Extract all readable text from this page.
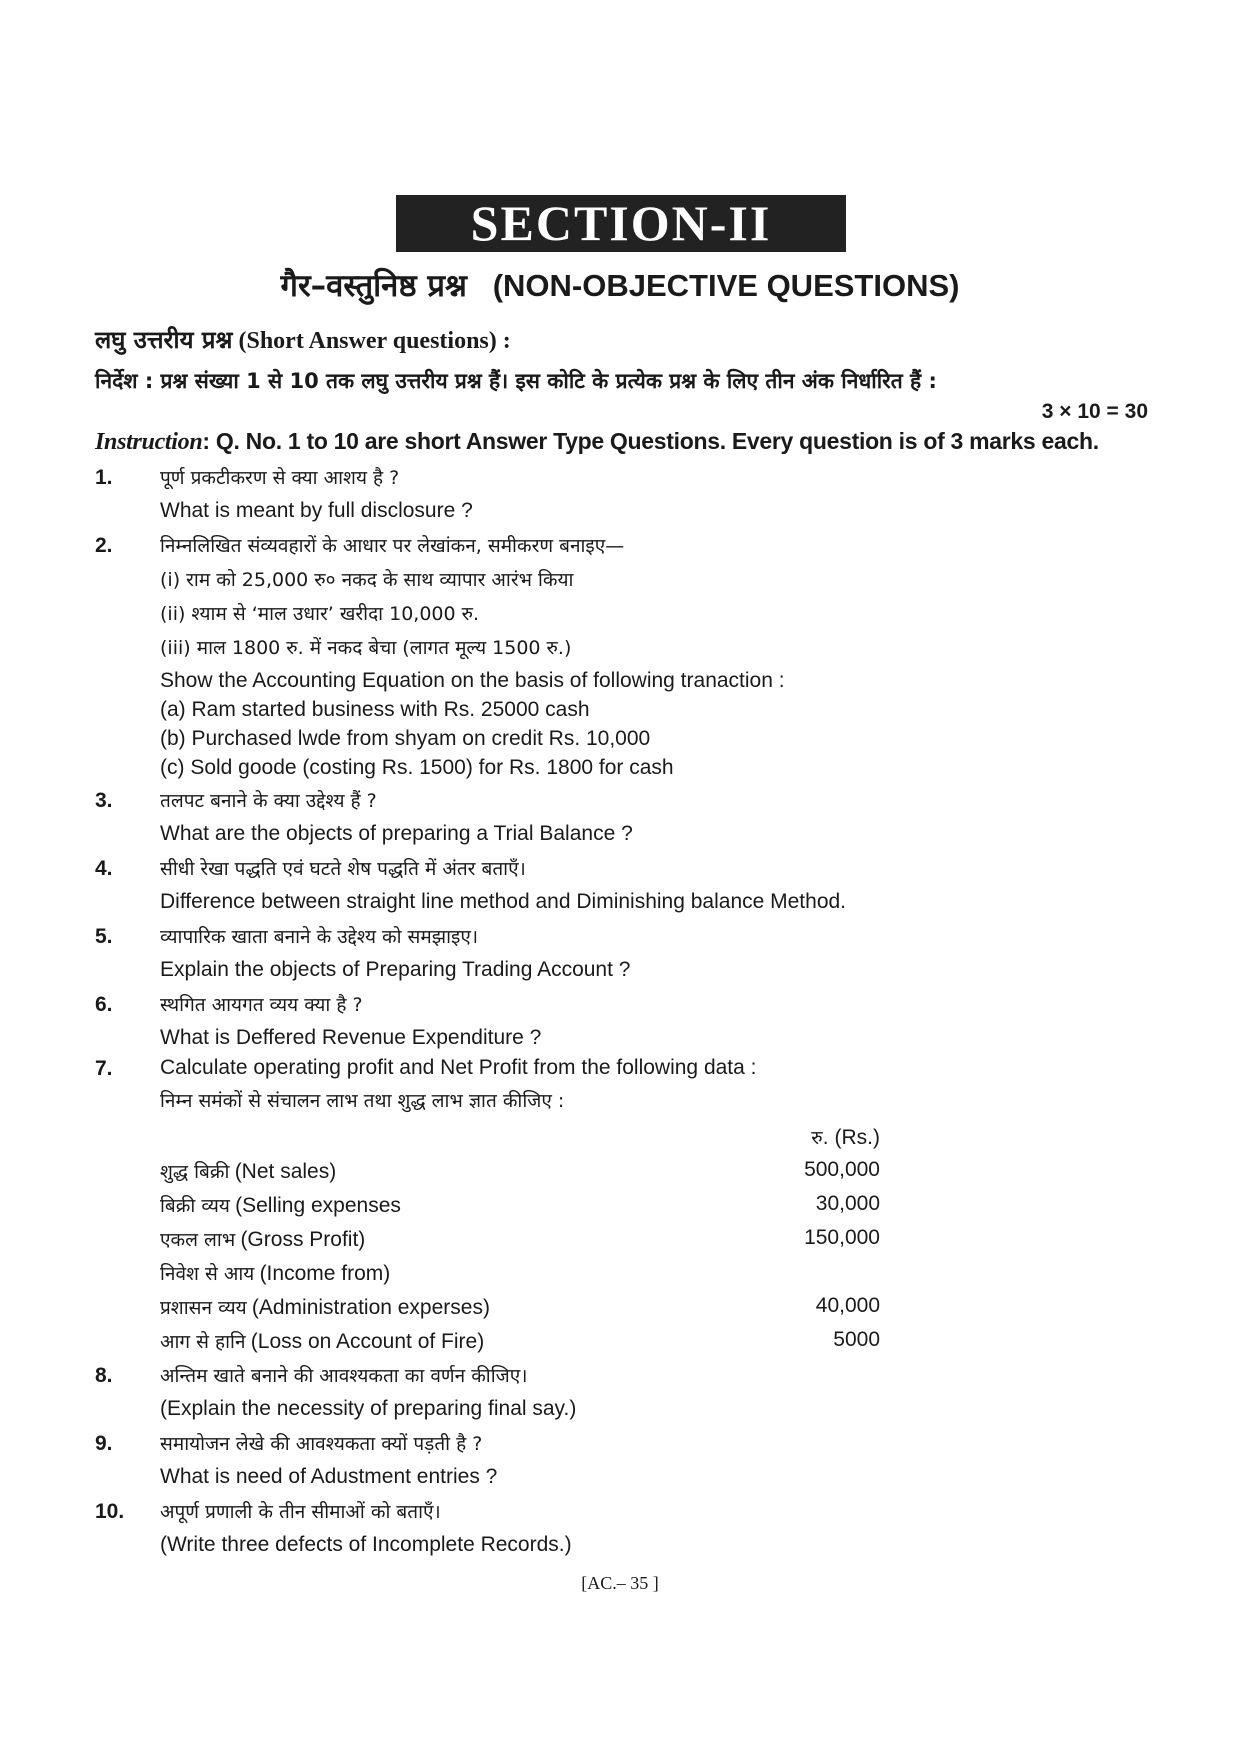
SECTION-II
गैर–वस्तुनिष्ठ प्रश्न (NON-OBJECTIVE QUESTIONS)
लघु उत्तरीय प्रश्न (Short Answer questions) :
निर्देश : प्रश्न संख्या 1 से 10 तक लघु उत्तरीय प्रश्न हैं। इस कोटि के प्रत्येक प्रश्न के लिए तीन अंक निर्धारित हैं :
3 × 10 = 30
Instruction: Q. No. 1 to 10 are short Answer Type Questions. Every question is of 3 marks each.
1. पूर्ण प्रकटीकरण से क्या आशय है ?
What is meant by full disclosure ?
2. निम्नलिखित संव्यवहारों के आधार पर लेखांकन, समीकरण बनाइए—
(i) राम को 25,000 रु० नकद के साथ व्यापार आरंभ किया
(ii) श्याम से ‘माल उधार’ खरीदा 10,000 रु.
(iii) माल 1800 रु. में नकद बेचा (लागत मूल्य 1500 रु.)
Show the Accounting Equation on the basis of following tranaction :
(a) Ram started business with Rs. 25000 cash
(b) Purchased lwde from shyam on credit Rs. 10,000
(c) Sold goode (costing Rs. 1500) for Rs. 1800 for cash
3. तलपट बनाने के क्या उद्देश्य हैं ?
What are the objects of preparing a Trial Balance ?
4. सीधी रेखा पद्धति एवं घटते शेष पद्धति में अंतर बताएँ।
Difference between straight line method and Diminishing balance Method.
5. व्यापारिक खाता बनाने के उद्देश्य को समझाइए।
Explain the objects of Preparing Trading Account ?
6. स्थगित आयगत व्यय क्या है ?
What is Deffered Revenue Expenditure ?
7. Calculate operating profit and Net Profit from the following data :
निम्न समंकों से संचालन लाभ तथा शुद्ध लाभ ज्ञात कीजिए :
रु. (Rs.)
शुद्ध बिक्री (Net sales)	500,000
बिक्री व्यय (Selling expenses	30,000
एकल लाभ (Gross Profit)	150,000
निवेश से आय (Income from)
प्रशासन व्यय (Administration experses)	40,000
आग से हानि (Loss on Account of Fire)	5000
8. अन्तिम खाते बनाने की आवश्यकता का वर्णन कीजिए।
(Explain the necessity of preparing final say.)
9. समायोजन लेखे की आवश्यकता क्यों पड़ती है ?
What is need of Adustment entries ?
10. अपूर्ण प्रणाली के तीन सीमाओं को बताएँ।
(Write three defects of Incomplete Records.)
[AC.– 35 ]
